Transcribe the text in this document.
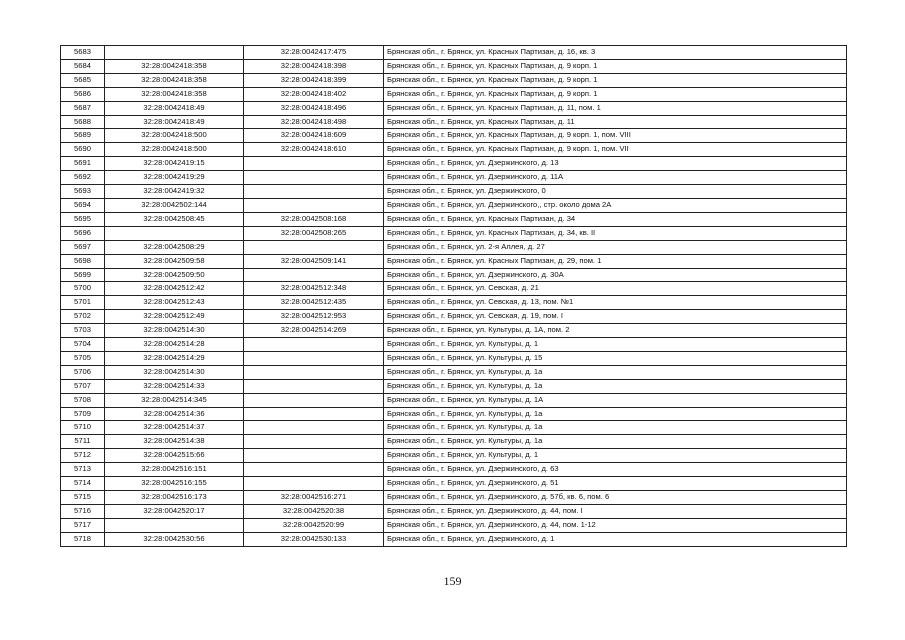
5683		32:28:0042417:475	Брянская обл., г. Брянск, ул. Красных Партизан, д. 16, кв. 3
5684	32:28:0042418:358	32:28:0042418:398	Брянская обл., г. Брянск, ул. Красных Партизан, д. 9 корп. 1
5685	32:28:0042418:358	32:28:0042418:399	Брянская обл., г. Брянск, ул. Красных Партизан, д. 9 корп. 1
5686	32:28:0042418:358	32:28:0042418:402	Брянская обл., г. Брянск, ул. Красных Партизан, д. 9 корп. 1
5687	32:28:0042418:49	32:28:0042418:496	Брянская обл., г. Брянск, ул. Красных Партизан, д. 11, пом. 1
5688	32:28:0042418:49	32:28:0042418:498	Брянская обл., г. Брянск, ул. Красных Партизан, д. 11
5689	32:28:0042418:500	32:28:0042418:609	Брянская обл., г. Брянск, ул. Красных Партизан, д. 9 корп. 1, пом. VIII
5690	32:28:0042418:500	32:28:0042418:610	Брянская обл., г. Брянск, ул. Красных Партизан, д. 9 корп. 1, пом. VII
5691	32:28:0042419:15		Брянская обл., г. Брянск, ул. Дзержинского, д. 13
5692	32:28:0042419:29		Брянская обл., г. Брянск, ул. Дзержинского, д. 11А
5693	32:28:0042419:32		Брянская обл., г. Брянск, ул. Дзержинского, 0
5694	32:28:0042502:144		Брянская обл., г. Брянск, ул. Дзержинского,, стр. около дома 2А
5695	32:28:0042508:45	32:28:0042508:168	Брянская обл., г. Брянск, ул. Красных Партизан, д. 34
5696		32:28:0042508:265	Брянская обл., г. Брянск, ул. Красных Партизан, д. 34, кв. II
5697	32:28:0042508:29		Брянская обл., г. Брянск, ул. 2-я Аллея, д. 27
5698	32:28:0042509:58	32:28:0042509:141	Брянская обл., г. Брянск, ул. Красных Партизан, д. 29, пом. 1
5699	32:28:0042509:50		Брянская обл., г. Брянск, ул. Дзержинского, д. 30А
5700	32:28:0042512:42	32:28:0042512:348	Брянская обл., г. Брянск, ул. Севская, д. 21
5701	32:28:0042512:43	32:28:0042512:435	Брянская обл., г. Брянск, ул. Севская, д. 13, пом. №1
5702	32:28:0042512:49	32:28:0042512:953	Брянская обл., г. Брянск, ул. Севская, д. 19, пом. I
5703	32:28:0042514:30	32:28:0042514:269	Брянская обл., г. Брянск, ул. Культуры, д. 1А, пом. 2
5704	32:28:0042514:28		Брянская обл., г. Брянск, ул. Культуры, д. 1
5705	32:28:0042514:29		Брянская обл., г. Брянск, ул. Культуры, д. 15
5706	32:28:0042514:30		Брянская обл., г. Брянск, ул. Культуры, д. 1а
5707	32:28:0042514:33		Брянская обл., г. Брянск, ул. Культуры, д. 1а
5708	32:28:0042514:345		Брянская обл., г. Брянск, ул. Культуры, д. 1А
5709	32:28:0042514:36		Брянская обл., г. Брянск, ул. Культуры, д. 1а
5710	32:28:0042514:37		Брянская обл., г. Брянск, ул. Культуры, д. 1а
5711	32:28:0042514:38		Брянская обл., г. Брянск, ул. Культуры, д. 1а
5712	32:28:0042515:66		Брянская обл., г. Брянск, ул. Культуры, д. 1
5713	32:28:0042516:151		Брянская обл., г. Брянск, ул. Дзержинского, д. 63
5714	32:28:0042516:155		Брянская обл., г. Брянск, ул. Дзержинского, д. 51
5715	32:28:0042516:173	32:28:0042516:271	Брянская обл., г. Брянск, ул. Дзержинского, д. 57б, кв. 6, пом. 6
5716	32:28:0042520:17	32:28:0042520:38	Брянская обл., г. Брянск, ул. Дзержинского, д. 44, пом. I
5717		32:28:0042520:99	Брянская обл., г. Брянск, ул. Дзержинского, д. 44, пом. 1-12
5718	32:28:0042530:56	32:28:0042530:133	Брянская обл., г. Брянск, ул. Дзержинского, д. 1
159
